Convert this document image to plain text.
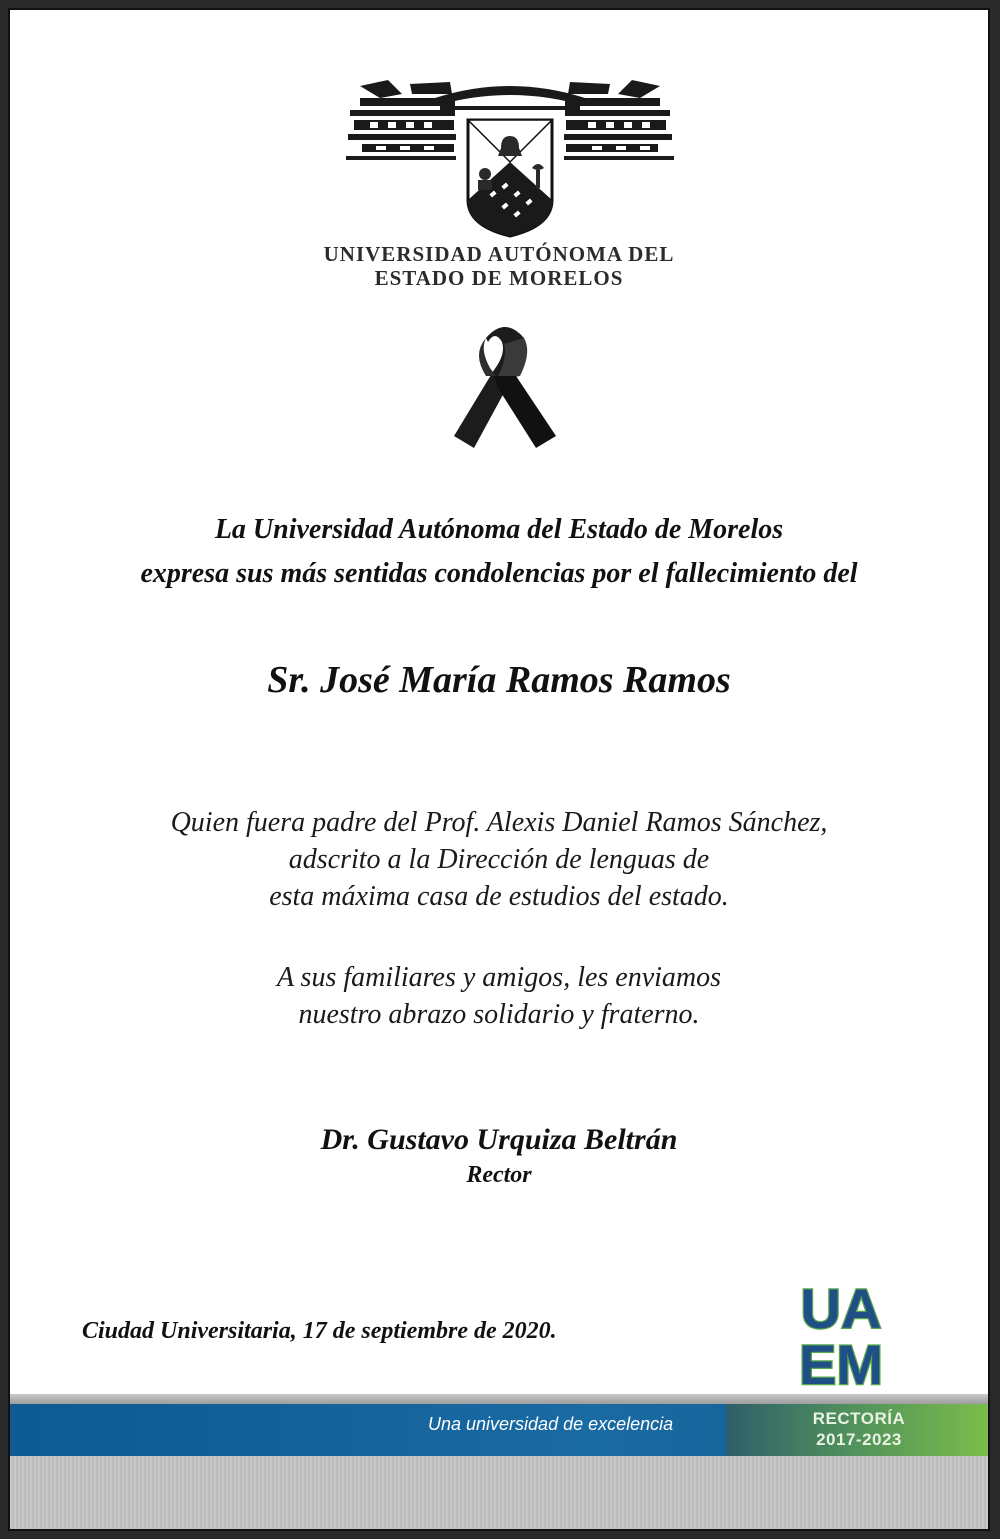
UNIVERSIDAD AUTÓNOMA DEL
ESTADO DE MORELOS
La Universidad Autónoma del Estado de Morelos
expresa sus más sentidas condolencias por el fallecimiento del
Sr. José María Ramos Ramos
Quien fuera padre del Prof. Alexis Daniel Ramos Sánchez,
adscrito a la Dirección de lenguas de
esta máxima casa de estudios del estado.
A sus familiares y amigos, les enviamos
nuestro abrazo solidario y fraterno.
Dr. Gustavo Urquiza Beltrán
Rector
Ciudad Universitaria, 17 de septiembre de 2020.	UA
EM
Una universidad de excelencia	RECTORÍA
2017-2023
